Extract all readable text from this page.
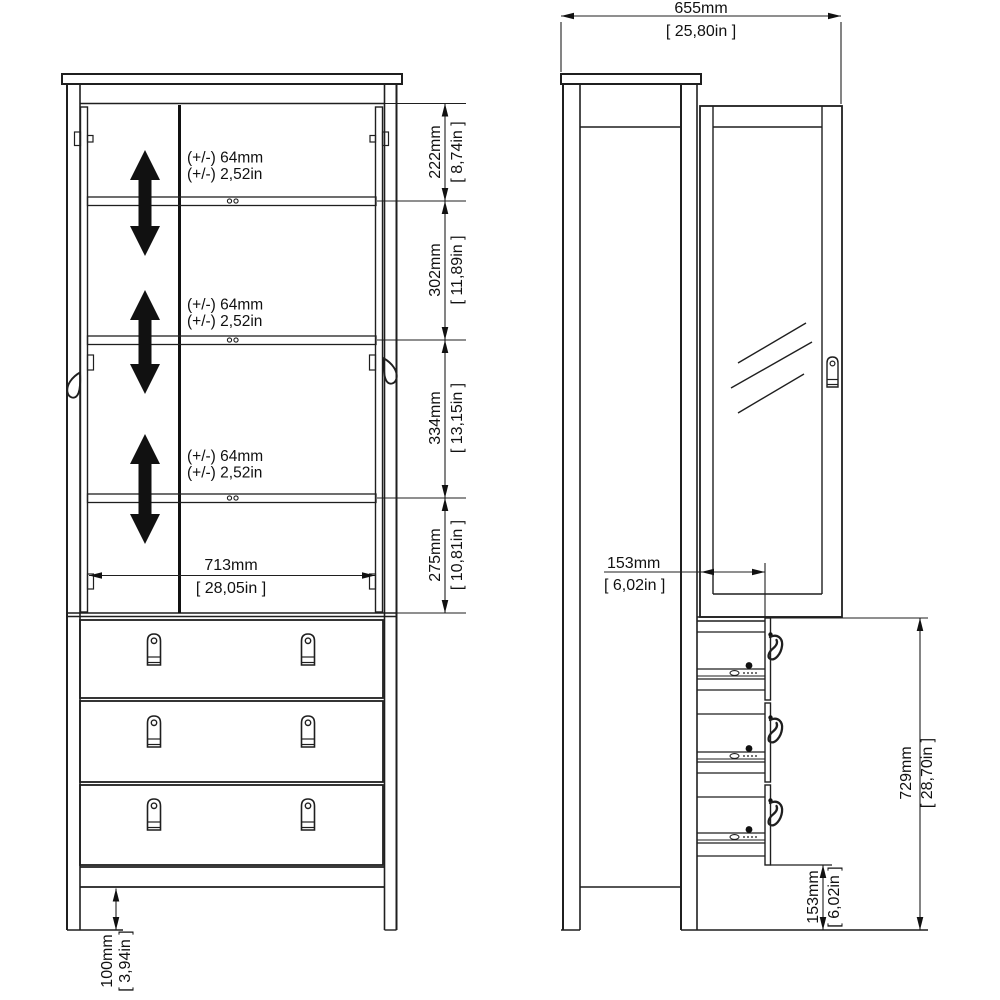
(+/-) 64mm
(+/-) 2,52in
(+/-) 64mm
(+/-) 2,52in
(+/-) 64mm
(+/-) 2,52in
713mm
[ 28,05in ]
100mm [ 3,94in ]
222mm [ 8,74in ]
302mm [ 11,89in ]
334mm [ 13,15in ]
275mm [ 10,81in ]
655mm
[ 25,80in ]
153mm
[ 6,02in ]
729mm [ 28,70in ]
153mm [ 6,02in ]
